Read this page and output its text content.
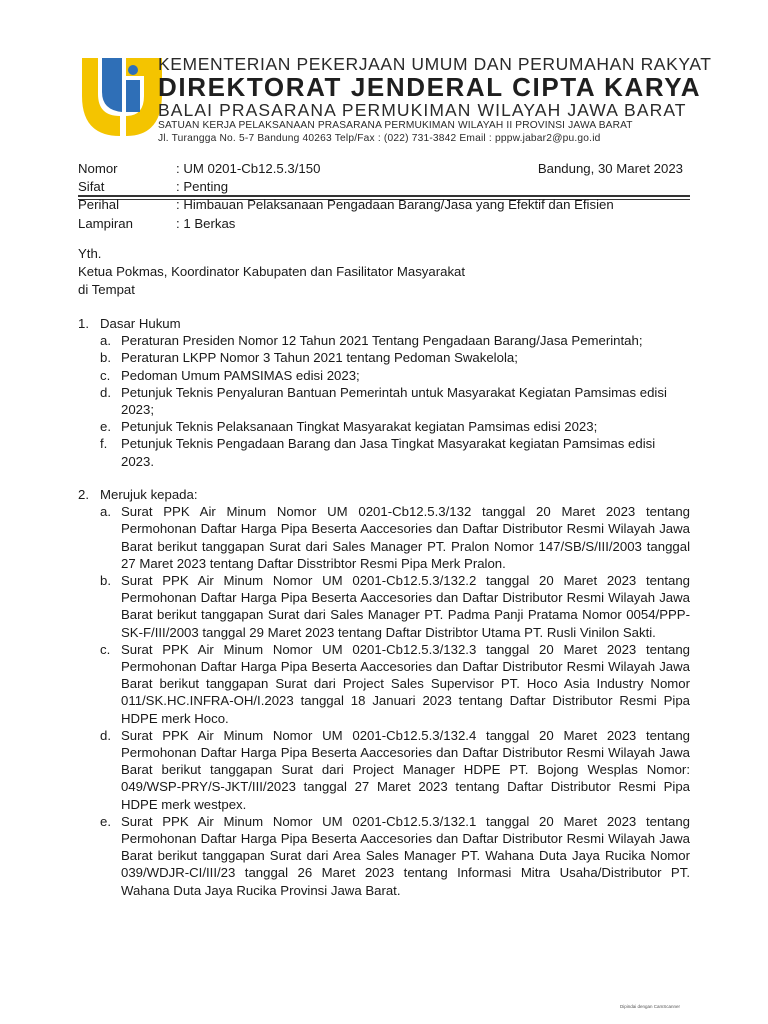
KEMENTERIAN PEKERJAAN UMUM DAN PERUMAHAN RAKYAT
DIREKTORAT JENDERAL CIPTA KARYA
BALAI PRASARANA PERMUKIMAN WILAYAH JAWA BARAT
SATUAN KERJA PELAKSANAAN PRASARANA PERMUKIMAN WILAYAH II PROVINSI JAWA BARAT
Jl. Turangga No. 5-7 Bandung 40263 Telp/Fax : (022) 731-3842 Email : pppw.jabar2@pu.go.id
Nomor	: UM 0201-Cb12.5.3/150	Bandung, 30 Maret 2023
Sifat	: Penting
Perihal	: Himbauan Pelaksanaan Pengadaan Barang/Jasa yang Efektif dan Efisien
Lampiran	: 1 Berkas
Yth.
Ketua Pokmas, Koordinator Kabupaten dan Fasilitator Masyarakat
di Tempat
1. Dasar Hukum
a. Peraturan Presiden Nomor 12 Tahun 2021 Tentang Pengadaan Barang/Jasa Pemerintah;
b. Peraturan LKPP Nomor 3 Tahun 2021 tentang Pedoman Swakelola;
c. Pedoman Umum PAMSIMAS edisi 2023;
d. Petunjuk Teknis Penyaluran Bantuan Pemerintah untuk Masyarakat Kegiatan Pamsimas edisi 2023;
e. Petunjuk Teknis Pelaksanaan Tingkat Masyarakat kegiatan Pamsimas edisi 2023;
f. Petunjuk Teknis Pengadaan Barang dan Jasa Tingkat Masyarakat kegiatan Pamsimas edisi 2023.
2. Merujuk kepada:
a. Surat PPK Air Minum Nomor UM 0201-Cb12.5.3/132 tanggal 20 Maret 2023 tentang Permohonan Daftar Harga Pipa Beserta Aaccesories dan Daftar Distributor Resmi Wilayah Jawa Barat berikut tanggapan Surat dari Sales Manager PT. Pralon Nomor 147/SB/S/III/2003 tanggal 27 Maret 2023 tentang Daftar Disstribtor Resmi Pipa Merk Pralon.
b. Surat PPK Air Minum Nomor UM 0201-Cb12.5.3/132.2 tanggal 20 Maret 2023 tentang Permohonan Daftar Harga Pipa Beserta Aaccesories dan Daftar Distributor Resmi Wilayah Jawa Barat berikut tanggapan Surat dari Sales Manager PT. Padma Panji Pratama Nomor 0054/PPP-SK-F/III/2003 tanggal 29 Maret 2023 tentang Daftar Distribtor Utama PT. Rusli Vinilon Sakti.
c. Surat PPK Air Minum Nomor UM 0201-Cb12.5.3/132.3 tanggal 20 Maret 2023 tentang Permohonan Daftar Harga Pipa Beserta Aaccesories dan Daftar Distributor Resmi Wilayah Jawa Barat berikut tanggapan Surat dari Project Sales Supervisor PT. Hoco Asia Industry Nomor 011/SK.HC.INFRA-OH/I.2023 tanggal 18 Januari 2023 tentang Daftar Distributor Resmi Pipa HDPE merk Hoco.
d. Surat PPK Air Minum Nomor UM 0201-Cb12.5.3/132.4 tanggal 20 Maret 2023 tentang Permohonan Daftar Harga Pipa Beserta Aaccesories dan Daftar Distributor Resmi Wilayah Jawa Barat berikut tanggapan Surat dari Project Manager HDPE PT. Bojong Wesplas Nomor: 049/WSP-PRY/S-JKT/III/2023 tanggal 27 Maret 2023 tentang Daftar Distributor Resmi Pipa HDPE merk westpex.
e. Surat PPK Air Minum Nomor UM 0201-Cb12.5.3/132.1 tanggal 20 Maret 2023 tentang Permohonan Daftar Harga Pipa Beserta Aaccesories dan Daftar Distributor Resmi Wilayah Jawa Barat berikut tanggapan Surat dari Area Sales Manager PT. Wahana Duta Jaya Rucika Nomor 039/WDJR-CI/III/23 tanggal 26 Maret 2023 tentang Informasi Mitra Usaha/Distributor PT. Wahana Duta Jaya Rucika Provinsi Jawa Barat.
Dipindai dengan CamScanner
